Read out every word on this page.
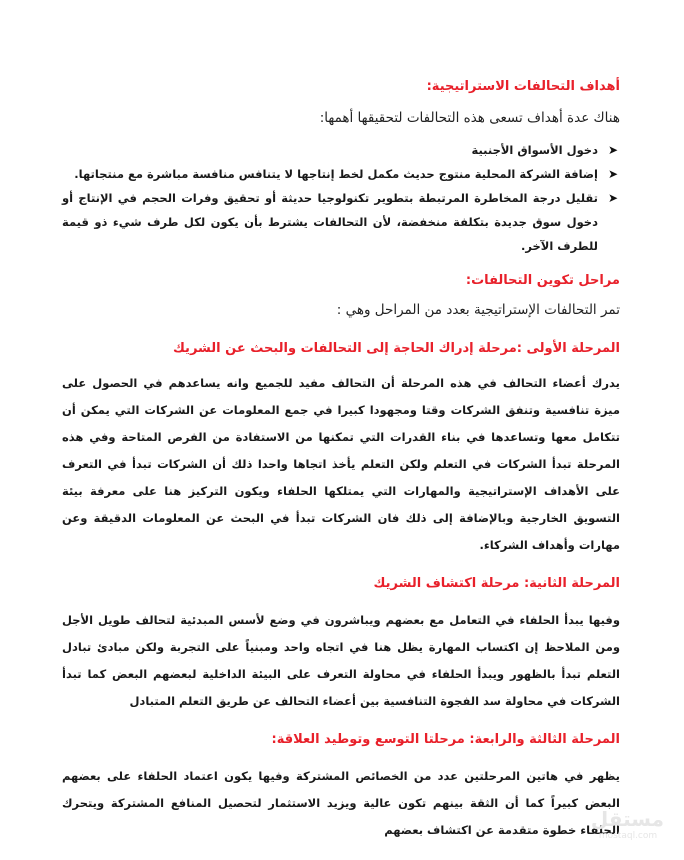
أهداف التحالفات الاستراتيجية:
هناك عدة أهداف تسعى هذه التحالفات لتحقيقها أهمها:
➤
دخول الأسواق الأجنبية
➤
إضافة الشركة المحلية منتوج حديث مكمل لخط إنتاجها لا يتنافس منافسة مباشرة مع منتجاتها.
➤
تقليل درجة المخاطرة المرتبطة بتطوير تكنولوجيا حديثة أو تحقيق وفرات الحجم في الإنتاج أو دخول سوق جديدة بتكلفة منخفضة، لأن التحالفات يشترط بأن يكون لكل طرف شيء ذو قيمة للطرف الآخر.
مراحل تكوين التحالفات:
تمر التحالفات الإستراتيجية بعدد من المراحل وهي :
المرحلة الأولى :مرحلة إدراك الحاجة إلى التحالفات والبحث عن الشريك
يدرك أعضاء التحالف في هذه المرحلة أن التحالف مفيد للجميع وانه يساعدهم في الحصول على ميزة تنافسية وتنفق الشركات وقتا ومجهودا كبيرا في جمع المعلومات عن الشركات التي يمكن أن تتكامل معها وتساعدها في بناء القدرات التي تمكنها من الاستفادة من الفرص المتاحة وفي هذه المرحلة تبدأ الشركات في التعلم ولكن التعلم يأخذ اتجاها واحدا ذلك أن الشركات تبدأ في التعرف على الأهداف الإستراتيجية والمهارات التي يمتلكها الحلفاء ويكون التركيز هنا على معرفة بيئة التسويق الخارجية وبالإضافة إلى ذلك فان الشركات تبدأ في البحث عن المعلومات الدقيقة وعن مهارات وأهداف الشركاء.
المرحلة الثانية: مرحلة اكتشاف الشريك
وفيها يبدأ الحلفاء في التعامل مع بعضهم ويباشرون في وضع لأسس المبدئية لتحالف طويل الأجل ومن الملاحظ إن اكتساب المهارة يظل هنا في اتجاه واحد ومبنياً على التجربة ولكن مبادئ تبادل التعلم تبدأ بالظهور ويبدأ الحلفاء في محاولة التعرف على البيئة الداخلية لبعضهم البعض كما تبدأ الشركات في محاولة سد الفجوة التنافسية بين أعضاء التحالف عن طريق التعلم المتبادل
المرحلة الثالثة والرابعة: مرحلتا التوسع وتوطيد العلاقة:
يظهر في هاتين المرحلتين عدد من الخصائص المشتركة وفيها يكون اعتماد الحلفاء على بعضهم البعض كبيراً كما أن الثقة بينهم تكون عالية ويزيد الاستثمار لتحصيل المنافع المشتركة ويتحرك الحلفاء خطوة متقدمة عن اكتشاف بعضهم
مستقل
mostaql.com
